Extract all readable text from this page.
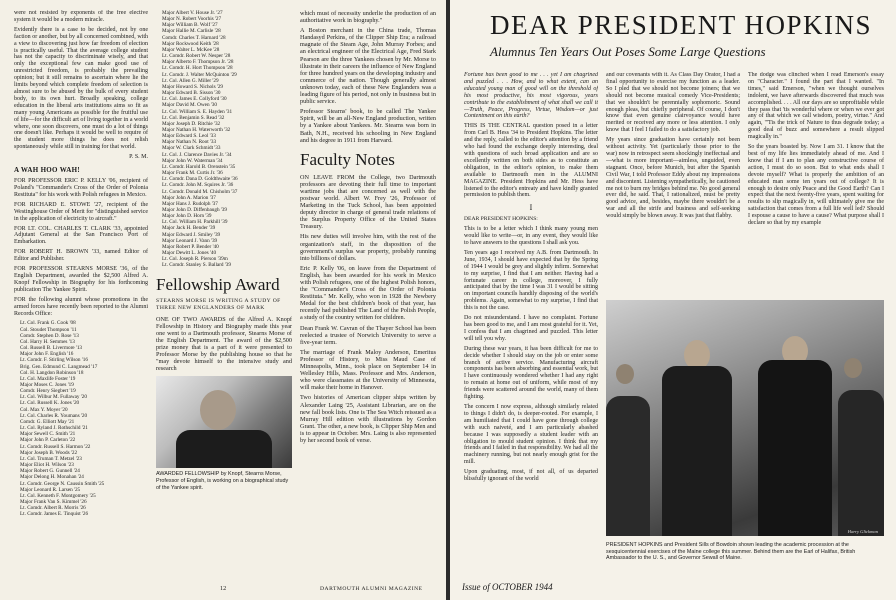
were not resisted by exponents of the free elective system it would be a modern miracle.

Evidently there is a case to be decided, not by one faction or another, but by all concerned combined, with a view to discovering just how far freedom of election is practically useful. That the average college student has not the capacity to discriminate wisely, and that only the exceptional few can make good use of unrestricted freedom, is probably the prevailing opinion; but it still remains to ascertain where lie the limits beyond which complete freedom of selection is almost sure to be abused by the bulk of every student body, to its own hurt. Broadly speaking, college education in the liberal arts institutions aims so fit as many young Americans as possible for the fruitful use of life—for the difficult art of living together in a world where, one soon discovers, one must do a lot of things one doesn't like. Perhaps it would be well to require of the student more things he does not relish spontaneously while still in training for that world.

P. S. M.
A WAH HOO WAH!

FOR PROFESSOR ERIC P. KELLY '06, recipient of Poland's "Commander's Cross of the Order of Polonia Restituta" for his work with Polish refugees in Mexico.

FOR RICHARD E. STOWE '27, recipient of the Westinghouse Order of Merit for "distinguished service in the application of electricity to aircraft."

FOR LT. COL. CHARLES T. CLARK '33, appointed Adjutant General at the San Francisco Port of Embarkation.

FOR ROBERT H. BROWN '33, named Editor of Editor and Publisher.

FOR PROFESSOR STEARNS MORSE '36, of the English Department, awarded the $2,500 Alfred A. Knopf Fellowship in Biography for his forthcoming publication The Yankee Spirit.

FOR the following alumni whose promotions in the armed forces have recently been reported to the Alumni Records Office:

Lt. Col. Frank G. Cook '08
Col. Stoudet Thompson '11
Comdr. Stephen D. Rose '13
Col. Harry H. Semmes '13
Col. Russell B. Livermore '13
Major John F. English '16
Lt. Comdr. F. Stirling Wilson '16
Brig. Gen. Edmund C. Langmead '17
Col. H. Langdon Robinson '18
Lt. Col. Maxlife Foster '19
Major Moses C. Jones '19
Comdr. Henry Siegbert '19
Lt. Col. Wilbur M. Fullaway '20
Lt. Col. Russell K. Jones '20
Col. Max Y. Moyer '20
Lt. Col. Charles R. Youmans '20
Comdr. G. Elliott May '21
Lt. Col. Ryland J. Rothschild '21
Major Sewell C. Smith '21
Major John P. Carleton '22
Lt. Comdr. Russell S. Harmon '22
Major Joseph B. Woods '22
Lt. Col. Truman T. Metzel '23
Major Eliot H. Wilson '23
Major Robert G. Gunnell '24
Major Delong H. Monahan '24
Lt. Comdr. George N. Caussin Smith '25
Major Leonard R. Larsen '25
Lt. Col. Kenneth F. Montgomery '25
Major Frank Van S. Kimmel '26
Lt. Comdr. Albert R. Morris '26
Lt. Comdr. James E. Tinquist '26
Major Albert V. House Jr. '27
Major N. Robert Voorhis '27
Major William B. Wolf '27
Major Hallie M. Carlisle '28
Comdr. Charles T. Harnard '28
Major Rockwood Keith '28
Major Walter L. McKee '28
Lt. Comdr. Robert W. Nesper '28
Major Alberto F. Thompson Jr. '28
Lt. Comdr. H. Hort Thompson '28
Lt. Comdr. J. Walter McQuinton '29
Lt. Col. Allen G. Miller '29
Major Howard S. Nichols '29
Major Edward B. Sisson '30
Lt. Col. James E. Collyford '30
Major David M. Owen '30
Lt. Col. William S. E. Hayden '31
Lt. Col. Benjamin S. Read '32
Major Joseph D. Ritchie '32
Major Nathan H. Waterworth '32
Major Edward S. Leol '33
Major Nathan N. Root '33
Major W. Clark Schmidt '33
Lt. Col. J. Clarence Davies Jr. '34
Major John W. Waterman '34
Lt. Comdr. Harold B. Orenstein '35
Major Frank M. Curtis Jr. '36
Lt. Comdr. Dana D. Goldthwaite '36
Lt. Comdr. John M. Squires Jr. '36
Lt. Comdr. Donald M. Chisholm '37
Major John A. Marion '37
Major Hans J. Rudolph '37
Major John D. Diffenbaugh '39
Major John D. Horn '39
Lt. Col. William H. Parkhill '39
Major Jack H. Bender '39
Major Edward J. Smiley '39
Major Leonard J. Vann '39
Major Robert P. Bender '40
Major Dewitt L. Jones '40
Lt. Col. Joseph R. Pierson '39m
Lt. Comdr. Stanley S. Ballard '39
Fellowship Award
STEARNS MORSE IS WRITING A STUDY OF THREE NEW ENGLANDERS OF MARK

ONE OF TWO AWARDS of the Alfred A. Knopf Fellowship in History and Biography made this year one went to a Dartmouth professor, Stearns Morse of the English Department. The award of the $2,500 prize money that is a part of it were presented to Professor Morse by the publishing house so that he "may devote himself to the intensive study and research

AWARDED FELLOWSHIP by Knopf, Stearns Morse, Professor of English, is working on a biographical study of the Yankee spirit.
12

which must of necessity underlie the production of an authoritative work in biography."

A Boston merchant in the China trade, Thomas Handasyd Perkins, of the Clipper Ship Era; a railroad magnate of the Steam Age, John Murray Forbes; and an electrical engineer of the Electrical Age, Fred Stark Pearson are the three Yankees chosen by Mr. Morse to illustrate in their careers the influence of New England for three hundred years on the developing industry and commerce of the nation. Though generally almost unknown today, each of these New Englanders was a leading figure of his period, not only in business but in public service.

Professor Stearns' book, to be called The Yankee Spirit, will be an all-New England production, written by a Yankee about Yankees. Mr. Stearns was born in Bath, N.H., received his schooling in New England and his degree in 1911 from Harvard.

Faculty Notes

ON LEAVE FROM the College, two Dartmouth professors are devoting their full time to important wartime jobs that are concerned as well with the postwar world. Albert W. Frey '26, Professor of Marketing in the Tuck School, has been appointed deputy director in charge of general trade relations of the Surplus Property Office of the United States Treasury.

His new duties will involve him, with the rest of the organization's staff, in the disposition of the government's surplus war property, probably running into billions of dollars.

Eric P. Kelly '06, on leave from the Department of English, has been awarded for his work in Mexico with Polish refugees, one of the highest Polish honors, the "Commander's Cross of the Order of Polonia Restituta." Mr. Kelly, who won in 1928 the Newbery Medal for the best children's book of that year, has recently had published The Land of the Polish People, a study of the country written for children.

Dean Frank W. Cavran of the Thayer School has been reelected a trustee of Norwich University to serve a five-year term.

The marriage of Frank Maloy Anderson, Emeritus Professor of History, to Miss Maud Case of Minneapolis, Minn., took place on September 14 in Wellesley Hills, Mass. Professor and Mrs. Anderson, who were classmates at the University of Minnesota, will make their home in Hanover.

Two histories of American clipper ships written by Alexander Laing '25, Assistant Librarian, are on the new fall book lists. One is The Sea Witch reissued as a Murray Hill edition with illustrations by Gordon Grant. The other, a new book, is Clipper Ship Men and is to appear in October. Mrs. Laing is also represented by her second book of verse.

DARTMOUTH ALUMNI MAGAZINE
DEAR PRESIDENT HOPKINS
Alumnus Ten Years Out Poses Some Large Questions

Fortune has been good to me . . . yet I am chagrined and puzzled . . . How, and to what extent, can an educated young man of good will on the threshold of his most productive, his most vigorous, years contribute to the establishment of what shall we call it—Truth, Peace, Progress, Virtue, Wisdom—or just Contentment on this earth?

THIS IS THE CENTRAL question posed in a letter from Carl B. Hess '34 to President Hopkins. The letter and the reply, called to the editor's attention by a friend who had found the exchange deeply interesting, deal with questions of such broad application and are so excellently written on both sides as to constitute an obligation, in the editor's opinion, to make them available to Dartmouth men in the ALUMNI MAGAZINE. President Hopkins and Mr. Hess have listened to the editor's entreaty and have kindly granted permission to publish them.

I

DEAR PRESIDENT HOPKINS:

This is to be a letter which I think many young men would like to write—or, in any event, they would like to have answers to the questions I shall ask you.

Ten years ago I received my A.B. from Dartmouth. In June, 1934, I should have expected that by the Spring of 1944 I would be grey and slightly infirm. Somewhat to my surprise, I find that I am neither. Having had a fortunate career in college, moreover, I fully anticipated that by the time I was 31 I would be sitting on important councils handily disposing of the world's problems. Again, somewhat to my surprise, I find that this is not the case.

Do not misunderstand. I have no complaint. Fortune has been good to me, and I am most grateful for it. Yet, I confess that I am chagrined and puzzled. This letter will tell you why.

During these war years, it has been difficult for me to decide whether I should stay on the job or enter some branch of active service. Manufacturing aircraft components has been absorbing and essential work, but I have continuously wondered whether I had any right to remain at home out of uniform, while most of my friends were scattered around the world, many of them fighting.

The concern I now express, although similarly related to things I didn't do, is deeper-rooted. For example, I am humiliated that I could have gone through college with such naiveté, and I am particularly abashed because I was supposedly a student leader with an obligation to mould student opinion. I think that my friends and I failed in that responsibility. We had all the machinery running, but not nearly enough grist for the mill.

Upon graduating, most, if not all, of us departed blissfully ignorant of the world

Issue of OCTOBER 1944

and our covenants with it. As Class Day Orator, I had a final opportunity to exercise my function as a leader. So I pled that we should not become joiners; that we should not become musical comedy Vice-Presidents; that we shouldn't be perennially sophomoric. Sound enough pleas, but chiefly peripheral. Of course, I don't know that even genuine clairvoyance would have merited or received any more or less attention. I only know that I feel I failed to do a satisfactory job.

My years since graduation have certainly not been without activity. Yet (particularly those prior to the war) now in retrospect seem shockingly ineffectual and—what is more important—aimless, unguided, even stagnant. Once, before Munich, but after the Spanish Civil War, I told Professor Eddy about my impressions and discontent. Listening sympathetically, he cautioned me not to burn my bridges behind me. No good general ever did, he said. That, I rationalized, must be pretty good advice, and, besides, maybe there wouldn't be a war and all the strife and business and self-seeking would simply be blown away. It was just that flabby.

The dodge was clinched when I read Emerson's essay on "Character." I found the part that I wanted. "In times," said Emerson, "when we thought ourselves indolent, we have afterwards discovered that much was accomplished. . . . All our days are so unprofitable while they pass that 'tis wonderful where or when we ever got any of that which we call wisdom, poetry, virtue." And again, "'Tis the trick of Nature to thus degrade today; a good deal of buzz and somewhere a result slipped magically in."

So the years boasted by. Now I am 31. I know that the best of my life lies immediately ahead of me. And I know that if I am to plan any constructive course of action, I must do so soon. But to what ends shall I devote myself? What is properly the ambition of an educated man some ten years out of college? It is enough to desire only Peace and the Good Earth? Can I expect that the next twenty-five years, spent waiting for results to slip magically in, will ultimately give me the satisfaction that comes from a full life well led? Should I espouse a cause to have a cause? What purpose shall I declare so that by my example

Harry Glickman
PRESIDENT HOPKINS and President Sills of Bowdoin shown leading the academic procession at the sesquicentennial exercises of the Maine college this summer. Behind them are the Earl of Halifax, British Ambassador to the U. S., and Governor Sewall of Maine.
